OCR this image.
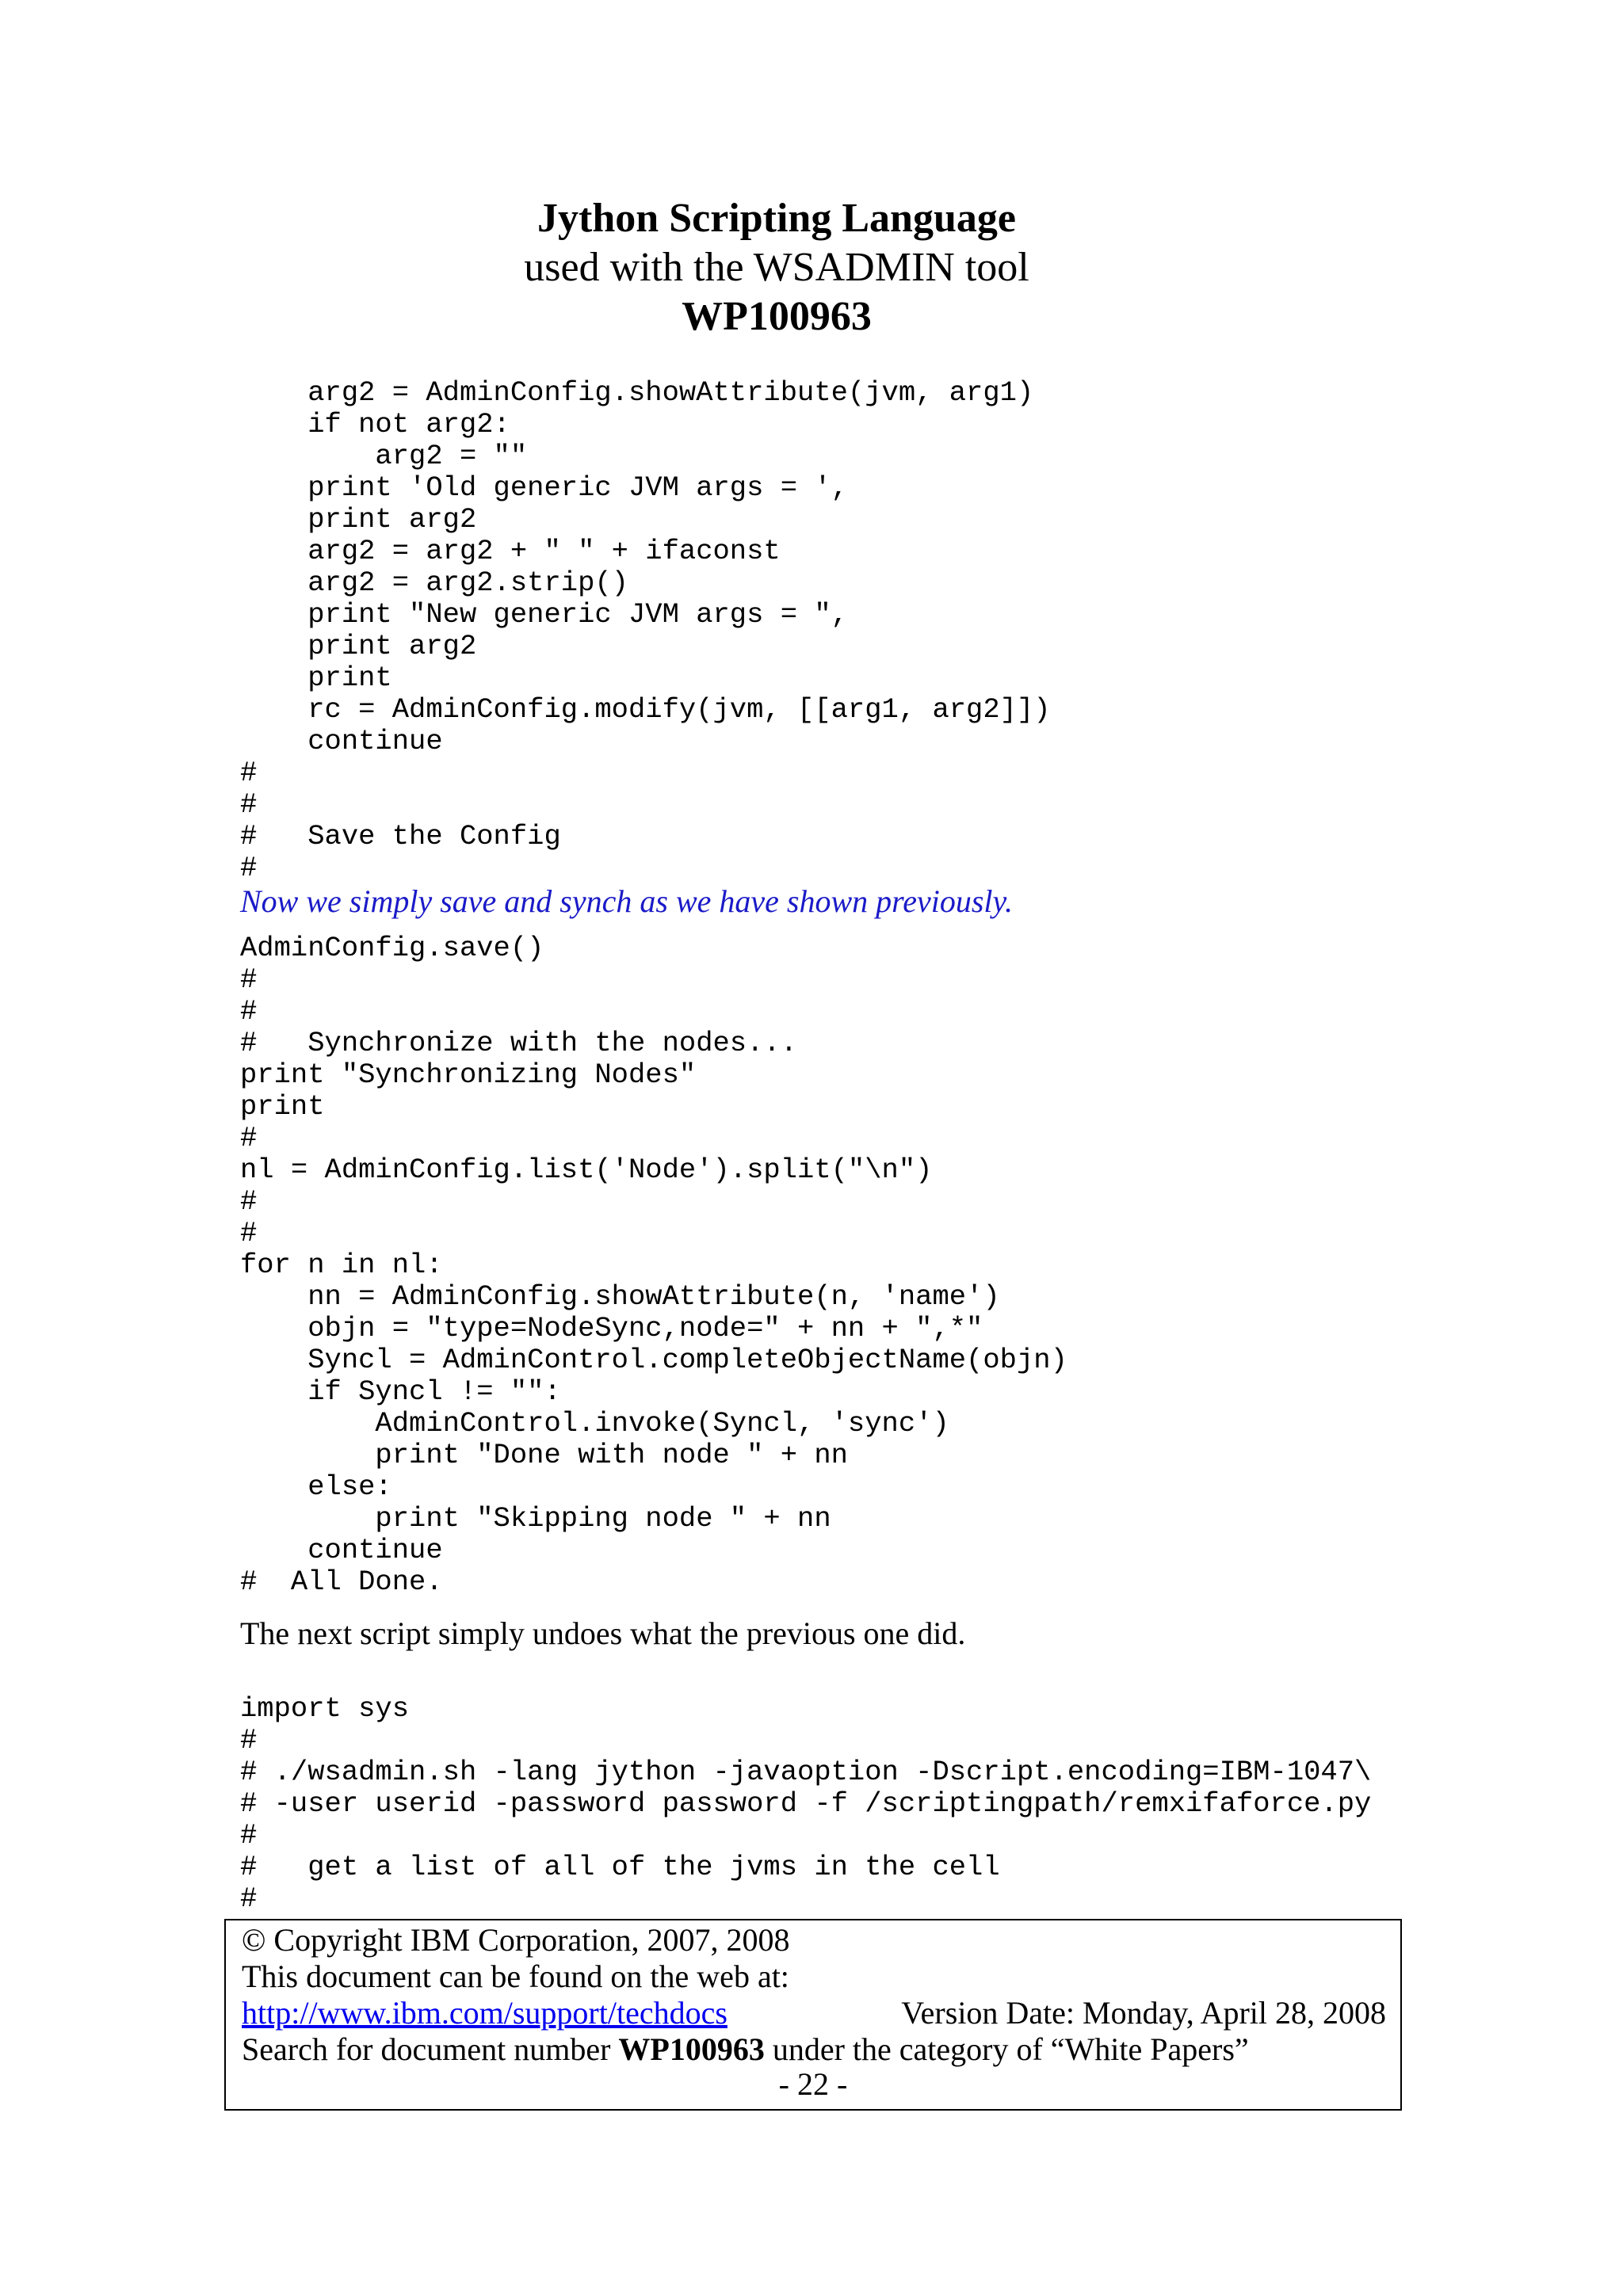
Jython Scripting Language
used with the WSADMIN tool
WP100963
arg2 = AdminConfig.showAttribute(jvm, arg1)
if not arg2:
arg2 = ""
print 'Old generic JVM args = ',
print arg2
arg2 = arg2 + " " + ifaconst
arg2 = arg2.strip()
print "New generic JVM args = ",
print arg2
print
rc = AdminConfig.modify(jvm, [[arg1, arg2]])
continue
#
#
#   Save the Config
#

Now we simply save and synch as we have shown previously.

AdminConfig.save()
#
#
#   Synchronize with the nodes...
print "Synchronizing Nodes"
print
#
nl = AdminConfig.list('Node').split("\n")
#
#
for n in nl:
nn = AdminConfig.showAttribute(n, 'name')
objn = "type=NodeSync,node=" + nn + ",*"
Syncl = AdminControl.completeObjectName(objn)
if Syncl != "":
AdminControl.invoke(Syncl, 'sync')
print "Done with node " + nn
else:
print "Skipping node " + nn
continue
#  All Done.

The next script simply undoes what the previous one did.

import sys
#
# ./wsadmin.sh -lang jython -javaoption -Dscript.encoding=IBM-1047\
# -user userid -password password -f /scriptingpath/remxifaforce.py
#
#   get a list of all of the jvms in the cell
#
© Copyright IBM Corporation, 2007, 2008
This document can be found on the web at:
http://www.ibm.com/support/techdocs	Version Date: Monday, April 28, 2008
Search for document number WP100963 under the category of “White Papers”
- 22 -
